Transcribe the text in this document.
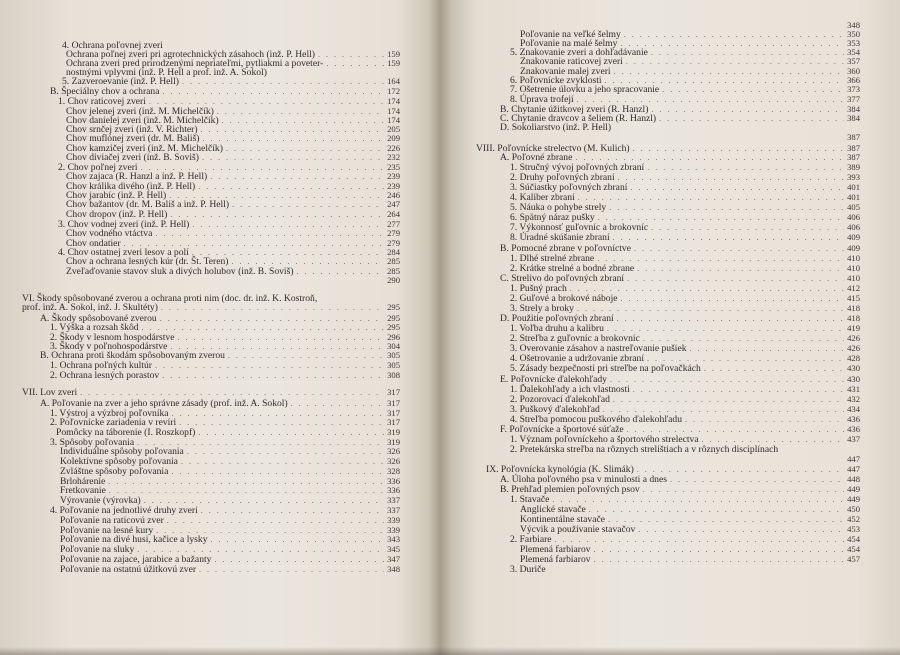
4. Ochrana poľovnej zveri
Ochrana poľnej zveri pri agrotechnických zásahoch (inž. P. Hell) . . .	159
Ochrana zveri pred prirodzenými nepriateľmi, pytliakmi a poveter- . . .	159
nostnými vplyvmi (inž. P. Hell a prof. inž. A. Sokol)
5. Zazveroevanie (inž. P. Hell) . . .	164
B. Špeciálny chov a ochrana . . .	172
1. Chov raticovej zveri . . .	174
Chov jelenej zveri (inž. M. Michelčík) . . .	174
Chov danielej zveri (inž. M. Michelčík) . . .	174
Chov srnčej zveri (inž. V. Richter) . . .	205
Chov muflónej zveri (dr. M. Bališ) . . .	209
Chov kamzičej zveri (inž. M. Michelčík) . . .	226
Chov diviačej zveri (inž. B. Soviš) . . .	232
2. Chov poľnej zveri . . .	235
Chov zajaca (R. Hanzl a inž. P. Hell) . . .	239
Chov králika divého (inž. P. Hell) . . .	239
Chov jarabíc (inž. P. Hell) . . .	246
Chov bažantov (dr. M. Bališ a inž. P. Hell) . . .	247
Chov dropov (inž. P. Hell) . . .	264
3. Chov vodnej zveri (inž. P. Hell) . . .	277
Chov vodného vtáctva . . .	279
Chov ondatier . . .	279
4. Chov ostatnej zveri lesov a polí . . .	284
Chov a ochrana lesných kúr (dr. Št. Teren) . . .	285
Zveľaďovanie stavov sluk a divých holubov (inž. B. Soviš) . . .	285
290
VI. Škody spôsobované zverou a ochrana proti nim (doc. dr. inž. K. Kostroň,
prof. inž. A. Sokol, inž. J. Skultéty) . . .	295
A. Škody spôsobované zverou . . .	295
1. Výška a rozsah škôd . . .	295
2. Škody v lesnom hospodárstve . . .	296
3. Škody v poľnohospodárstve . . .	304
B. Ochrana proti škodám spôsobovaným zverou . . .	305
1. Ochrana poľných kultúr . . .	305
2. Ochrana lesných porastov . . .	308
VII. Lov zveri . . .	317
A. Poľovanie na zver a jeho správne zásady (prof. inž. A. Sokol) . . .	317
1. Výstroj a výzbroj poľovníka . . .	317
2. Poľovnícke zariadenia v revíri . . .	317
Pomôcky na táborenie (I. Roszkopf) . . .	319
3. Spôsoby poľovania . . .	319
Individuálne spôsoby poľovania . . .	326
Kolektívne spôsoby poľovania . . .	326
Zvláštne spôsoby poľovania . . .	328
Brloháreníe . . .	336
Fretkovanie . . .	336
Výrovanie (výrovka) . . .	337
4. Poľovanie na jednotlivé druhy zveri . . .	337
Poľovanie na raticovú zver . . .	339
Poľovanie na lesné kury . . .	339
Poľovanie na divé husi, kačice a lysky . . .	343
Poľovanie na sluky . . .	345
Poľovanie na zajace, jarabice a bažanty . . .	347
Poľovanie na ostatnú úžitkovú zver . . .	348
348
Poľovanie na veľké šelmy . . .	350
Poľovanie na malé šelmy . . .	353
5. Znakovanie zveri a dohľadávanie . . .	354
Znakovanie raticovej zveri . . .	357
Znakovanie malej zveri . . .	360
6. Poľovnícke zvyklosti . . .	366
7. Ošetrenie úlovku a jeho spracovanie . . .	373
8. Úprava trofejí . . .	377
B. Chytanie úžitkovej zveri (R. Hanzl) . . .	384
C. Chytanie dravcov a šeliem (R. Hanzl) . . .	384
D. Sokoliarstvo (inž. P. Hell)
387
VIII. Poľovnícke strelectvo (M. Kulich) . . .	387
A. Poľovné zbrane . . .	387
1. Stručný vývoj poľovných zbraní . . .	389
2. Druhy poľovných zbraní . . .	393
3. Súčiastky poľovných zbraní . . .	401
4. Kaliber zbraní . . .	401
5. Náuka o pohybe strely . . .	405
6. Spätný náraz pušky . . .	406
7. Výkonnosť guľovníc a brokovníc . . .	406
8. Úradné skúšanie zbraní . . .	409
B. Pomocné zbrane v poľovníctve . . .	409
1. Dlhé strelné zbrane . . .	410
2. Krátke strelné a bodné zbrane . . .	410
C. Strelivo do poľovných zbraní . . .	410
1. Pušný prach . . .	412
2. Guľové a brokové náboje . . .	415
3. Strely a broky . . .	418
D. Použitie poľovných zbraní . . .	418
1. Voľba druhu a kalibru . . .	419
2. Streľba z guľovníc a brokovníc . . .	426
3. Overovanie zásahov a nastreľovanie pušiek . . .	426
4. Ošetrovanie a udržovanie zbraní . . .	428
5. Zásady bezpečnosti pri streľbe na poľovačkách . . .	430
E. Poľovnícke ďalekohľady . . .	430
1. Ďalekohľady a ich vlastnosti . . .	431
2. Pozorovací ďalekohľad . . .	432
3. Puškový ďalekohľad . . .	434
4. Streľba pomocou puškového ďalekohľadu . . .	436
F. Poľovnícke a športové súťaže . . .	436
1. Význam poľovníckeho a športového strelectva . . .	437
2. Pretekárska streľba na rôznych strelištiach a v rôznych disciplínach
447
IX. Poľovnícka kynológia (K. Slimák) . . .	447
A. Úloha poľovného psa v minulosti a dnes . . .	448
B. Prehľad plemien poľovných psov . . .	449
1. Stavače . . .	449
Anglické stavače . . .	450
Kontinentálne stavače . . .	452
Výcvik a používanie stavačov . . .	453
2. Farbiare . . .	454
Plemená farbiarov . . .	454
Plemená farbiarov . . .	457
3. Duriče
